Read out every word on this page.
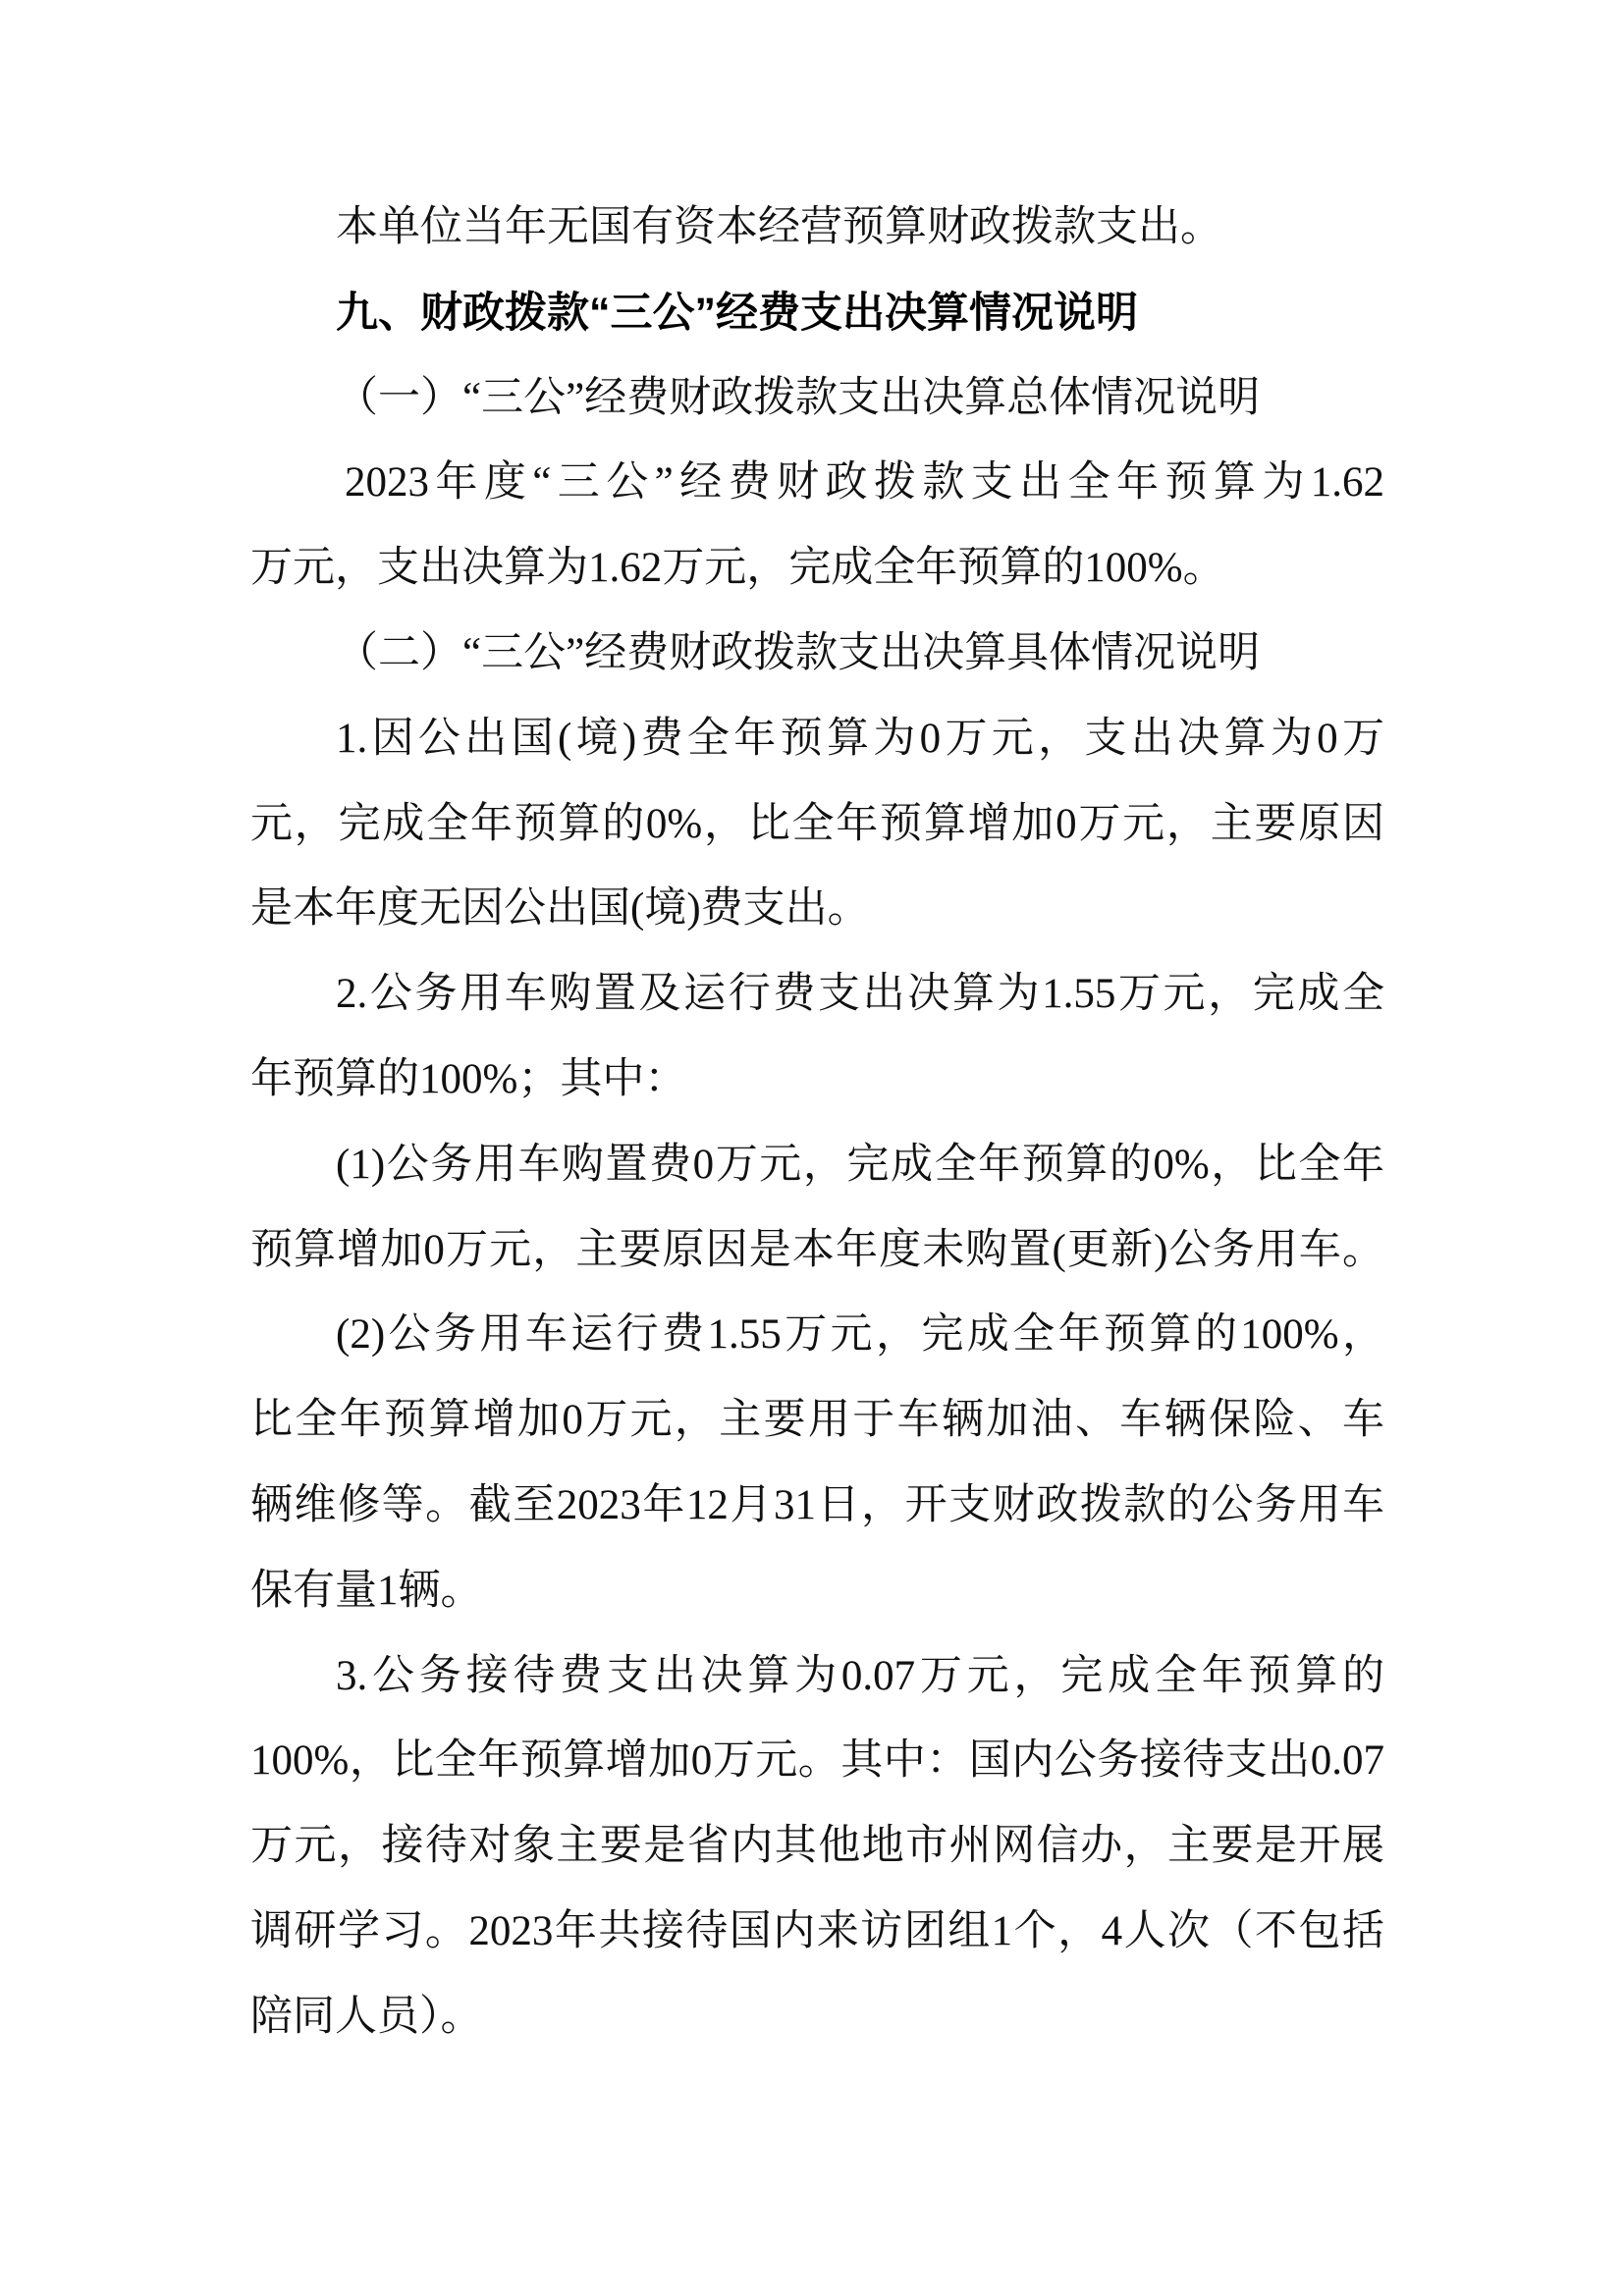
本单位当年无国有资本经营预算财政拨款支出。
九、财政拨款“三公”经费支出决算情况说明
（一）“三公”经费财政拨款支出决算总体情况说明
2023年度“三公”经费财政拨款支出全年预算为1.62
万元，支出决算为1.62万元，完成全年预算的100%。
（二）“三公”经费财政拨款支出决算具体情况说明
1.因公出国(境)费全年预算为0万元，支出决算为0万
元，完成全年预算的0%，比全年预算增加0万元，主要原因
是本年度无因公出国(境)费支出。
2.公务用车购置及运行费支出决算为1.55万元，完成全
年预算的100%；其中：
(1)公务用车购置费0万元，完成全年预算的0%，比全年
预算增加0万元，主要原因是本年度未购置(更新)公务用车。
(2)公务用车运行费1.55万元，完成全年预算的100%，
比全年预算增加0万元，主要用于车辆加油、车辆保险、车
辆维修等。截至2023年12月31日，开支财政拨款的公务用车
保有量1辆。
3.公务接待费支出决算为0.07万元，完成全年预算的
100%，比全年预算增加0万元。其中：国内公务接待支出0.07
万元，接待对象主要是省内其他地市州网信办，主要是开展
调研学习。2023年共接待国内来访团组1个，4人次（不包括
陪同人员）。
